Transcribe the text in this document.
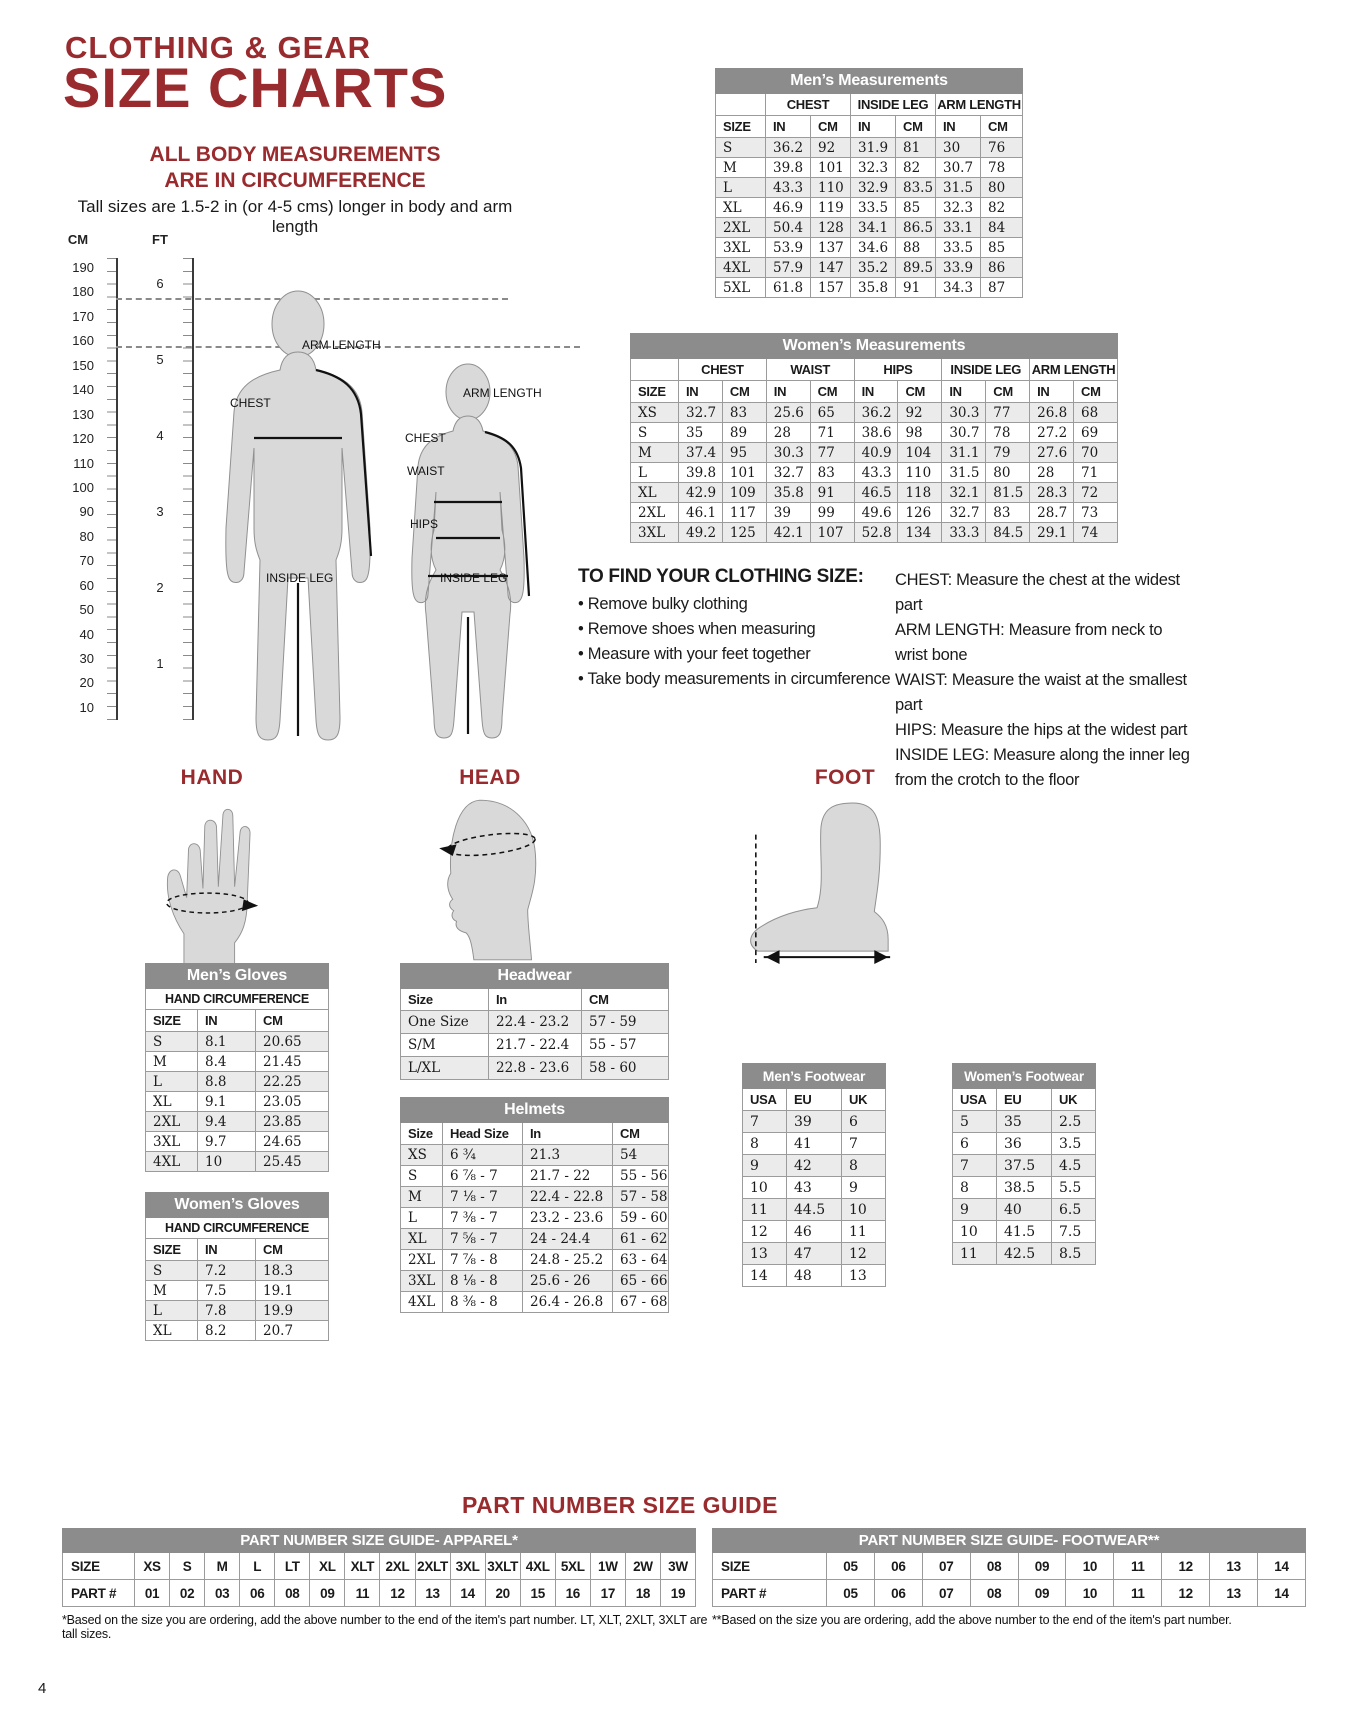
CLOTHING & GEAR
SIZE CHARTS
ALL BODY MEASUREMENTS
ARE IN CIRCUMFERENCE
Tall sizes are 1.5-2 in (or 4-5 cms) longer in body and arm length
CM	FT
190
180
170
160
150
140
130
120
110
100
90
80
70
60
50
40
30
20
10
6
5
4
3
2
1
ARM LENGTH
CHEST
INSIDE LEG
ARM LENGTH
CHEST
WAIST
HIPS
INSIDE LEG
Men’s Measurements						
	CHEST		INSIDE LEG		ARM LENGTH	
SIZE	IN	CM	IN	CM	IN	CM
S	36.2	92	31.9	81	30	76
M	39.8	101	32.3	82	30.7	78
L	43.3	110	32.9	83.5	31.5	80
XL	46.9	119	33.5	85	32.3	82
2XL	50.4	128	34.1	86.5	33.1	84
3XL	53.9	137	34.6	88	33.5	85
4XL	57.9	147	35.2	89.5	33.9	86
5XL	61.8	157	35.8	91	34.3	87
Women’s Measurements										
	CHEST		WAIST		HIPS		INSIDE LEG		ARM LENGTH	
SIZE	IN	CM	IN	CM	IN	CM	IN	CM	IN	CM
XS	32.7	83	25.6	65	36.2	92	30.3	77	26.8	68
S	35	89	28	71	38.6	98	30.7	78	27.2	69
M	37.4	95	30.3	77	40.9	104	31.1	79	27.6	70
L	39.8	101	32.7	83	43.3	110	31.5	80	28	71
XL	42.9	109	35.8	91	46.5	118	32.1	81.5	28.3	72
2XL	46.1	117	39	99	49.6	126	32.7	83	28.7	73
3XL	49.2	125	42.1	107	52.8	134	33.3	84.5	29.1	74
TO FIND YOUR CLOTHING SIZE:
• Remove bulky clothing
• Remove shoes when measuring
• Measure with your feet together
• Take body measurements in circumference
CHEST: Measure the chest at the widest part
ARM LENGTH: Measure from neck to wrist bone
WAIST: Measure the waist at the smallest part
HIPS: Measure the hips at the widest part
INSIDE LEG: Measure along the inner leg from the crotch to the floor
HAND	HEAD	FOOT
Men’s Gloves		
HAND CIRCUMFERENCE		
SIZE	IN	CM
S	8.1	20.65
M	8.4	21.45
L	8.8	22.25
XL	9.1	23.05
2XL	9.4	23.85
3XL	9.7	24.65
4XL	10	25.45
Women’s Gloves		
HAND CIRCUMFERENCE		
SIZE	IN	CM
S	7.2	18.3
M	7.5	19.1
L	7.8	19.9
XL	8.2	20.7
Headwear		
Size	In	CM
One Size	22.4 - 23.2	57 - 59
S/M	21.7 - 22.4	55 - 57
L/XL	22.8 - 23.6	58 - 60
Helmets			
Size	Head Size	In	CM
XS	6 ¾	21.3	54
S	6 ⅞ - 7	21.7 - 22	55 - 56
M	7 ⅛ - 7	22.4 - 22.8	57 - 58
L	7 ⅜ - 7	23.2 - 23.6	59 - 60
XL	7 ⅝ - 7	24 - 24.4	61 - 62
2XL	7 ⅞ - 8	24.8 - 25.2	63 - 64
3XL	8 ⅛ - 8	25.6 - 26	65 - 66
4XL	8 ⅜ - 8	26.4 - 26.8	67 - 68
Men’s Footwear		
USA	EU	UK
7	39	6
8	41	7
9	42	8
10	43	9
11	44.5	10
12	46	11
13	47	12
14	48	13
Women’s Footwear		
USA	EU	UK
5	35	2.5
6	36	3.5
7	37.5	4.5
8	38.5	5.5
9	40	6.5
10	41.5	7.5
11	42.5	8.5
PART NUMBER SIZE GUIDE
PART NUMBER SIZE GUIDE- APPAREL*																
SIZE	XS	S	M	L	LT	XL	XLT	2XL	2XLT	3XL	3XLT	4XL	5XL	1W	2W	3W
PART #	01	02	03	06	08	09	11	12	13	14	20	15	16	17	18	19
*Based on the size you are ordering, add the above number to the end of the item's part number. LT, XLT, 2XLT, 3XLT are tall sizes.
PART NUMBER SIZE GUIDE- FOOTWEAR**										
SIZE	05	06	07	08	09	10	11	12	13	14
PART #	05	06	07	08	09	10	11	12	13	14
**Based on the size you are ordering, add the above number to the end of the item's part number.
4
